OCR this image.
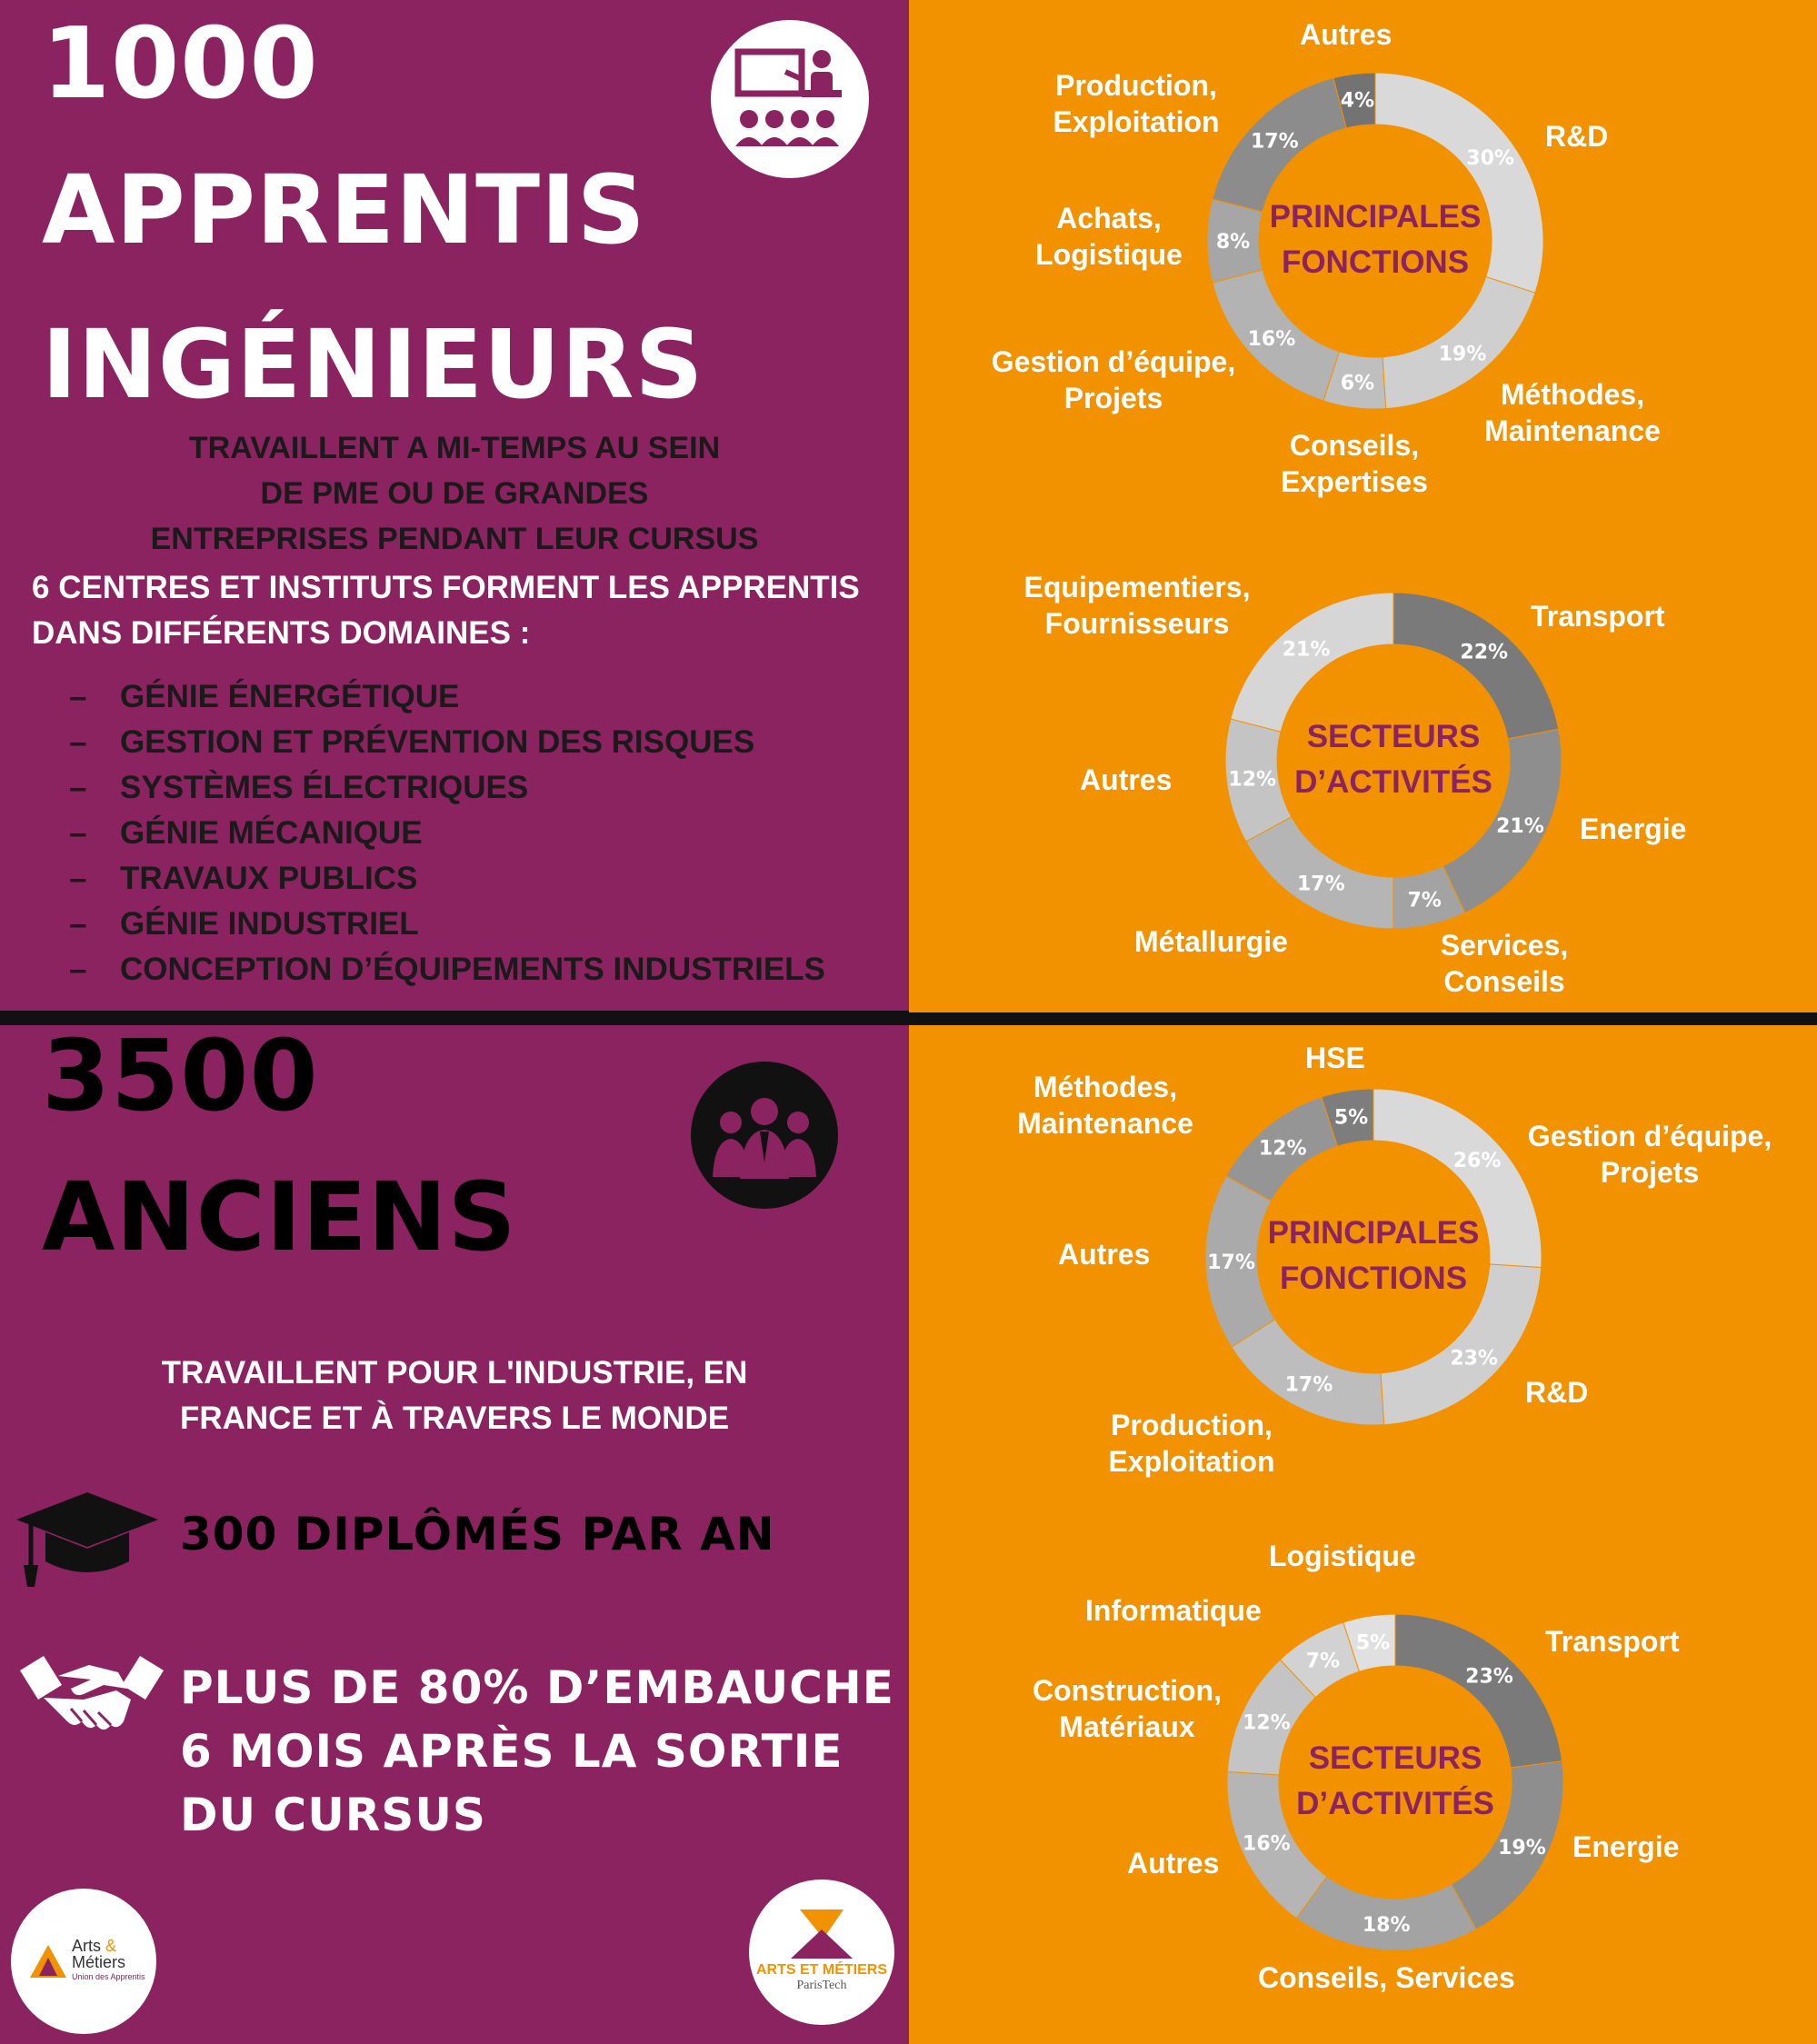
1000
APPRENTIS
INGÉNIEURS
TRAVAILLENT A MI-TEMPS AU SEIN
DE PME OU DE GRANDES
ENTREPRISES PENDANT LEUR CURSUS
6 CENTRES ET INSTITUTS FORMENT LES APPRENTIS
DANS DIFFÉRENTS DOMAINES :
– GÉNIE ÉNERGÉTIQUE
– GESTION ET PRÉVENTION DES RISQUES
– SYSTÈMES ÉLECTRIQUES
– GÉNIE MÉCANIQUE
– TRAVAUX PUBLICS
– GÉNIE INDUSTRIEL
– CONCEPTION D’ÉQUIPEMENTS INDUSTRIELS
3500
ANCIENS
TRAVAILLENT POUR L'INDUSTRIE, EN
FRANCE ET À TRAVERS LE MONDE
300 DIPLÔMÉS PAR AN
PLUS DE 80% D’EMBAUCHE
6 MOIS APRÈS LA SORTIE
DU CURSUS
Arts &
Métiers
Union des Apprentis	ARTS ET MÉTIERS
ParisTech
30%
19%
6%
16%
8%
17%
4%
PRINCIPALES
FONCTIONS
Autres
R&D
Méthodes, Maintenance
Conseils, Expertises
Gestion d’équipe, Projets
Achats, Logistique
Production, Exploitation
22%
21%
7%
17%
12%
21%
SECTEURS
D’ACTIVITÉS
Transport
Energie
Services, Conseils
Métallurgie
Autres
Equipementiers, Fournisseurs
26%
23%
17%
17%
12%
5%
PRINCIPALES
FONCTIONS
Gestion d’équipe, Projets
R&D
Production, Exploitation
Autres
Méthodes, Maintenance
HSE
23%
19%
18%
16%
12%
7%
5%
SECTEURS
D’ACTIVITÉS
Transport
Energie
Conseils, Services
Autres
Construction, Matériaux
Informatique
Logistique
